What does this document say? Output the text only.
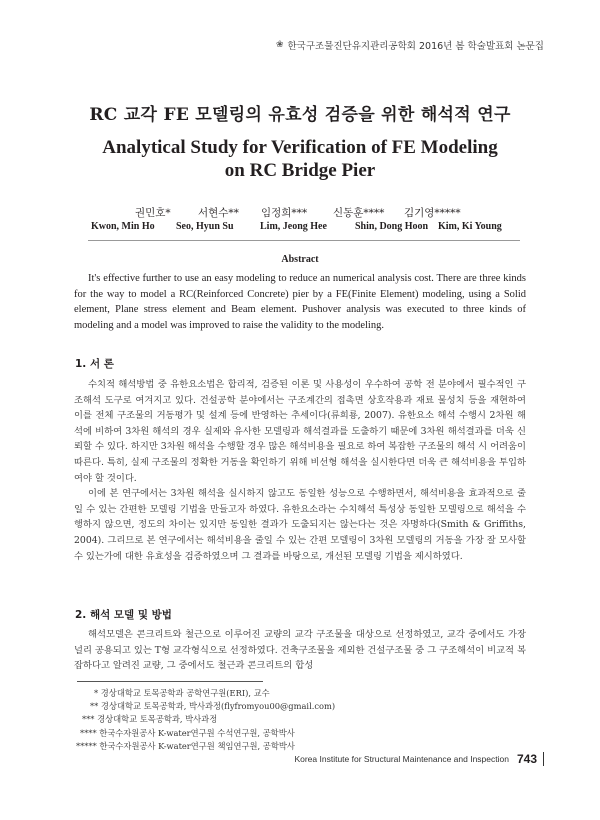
❀ 한국구조물진단유지관리공학회 2016년 봄 학술발표회 논문집
RC 교각 FE 모델링의 유효성 검증을 위한 해석적 연구
Analytical Study for Verification of FE Modeling on RC Bridge Pier
권민호*	서현수** 임정희*** 신동훈**** 김기영*****
Kwon, Min Ho Seo, Hyun Su	Lim, Jeong Hee	Shin, Dong Hoon Kim, Ki Young
Abstract

It's effective further to use an easy modeling to reduce an numerical analysis cost. There are three kinds for the way to model a RC(Reinforced Concrete) pier by a FE(Finite Element) modeling, using a Solid element, Plane stress element and Beam element. Pushover analysis was executed to three kinds of modeling and a model was improved to raise the validity to the modeling.

1. 서 론

수치적 해석방법 중 유한요소법은 합리적, 검증된 이론 및 사용성이 우수하여 공학 전 분야에서 필수적인 구조해석 도구로 여겨지고 있다. 건설공학 분야에서는 구조계간의 접촉면 상호작용과 재료 물성치 등을 재현하여 이를 전체 구조물의 거동평가 및 설계 등에 반영하는 추세이다(류희룡, 2007). 유한요소 해석 수행시 2차원 해석에 비하여 3차원 해석의 경우 실제와 유사한 모델링과 해석결과를 도출하기 때문에 3차원 해석결과를 더욱 신뢰할 수 있다. 하지만 3차원 해석을 수행할 경우 많은 해석비용을 필요로 하여 복잡한 구조물의 해석 시 어려움이 따른다. 특히, 실제 구조물의 정확한 거동을 확인하기 위해 비선형 해석을 실시한다면 더욱 큰 해석비용을 투입하여야 할 것이다.

이에 본 연구에서는 3차원 해석을 실시하지 않고도 동일한 성능으로 수행하면서, 해석비용을 효과적으로 줄일 수 있는 간편한 모델링 기법을 만들고자 하였다. 유한요소라는 수치해석 특성상 동일한 모델링으로 해석을 수행하지 않으면, 정도의 차이는 있지만 동일한 결과가 도출되지는 않는다는 것은 자명하다(Smith & Griffiths, 2004). 그리므로 본 연구에서는 해석비용을 줄일 수 있는 간편 모델링이 3차원 모델링의 거동을 가장 잘 모사할 수 있는가에 대한 유효성을 검증하였으며 그 결과를 바탕으로, 개선된 모델링 기법을 제시하였다.

2. 해석 모델 및 방법

해석모델은 콘크리트와 철근으로 이루어진 교량의 교각 구조물을 대상으로 선정하였고, 교각 중에서도 가장 널리 공용되고 있는 T형 교각형식으로 선정하였다. 건축구조물을 제외한 건설구조물 중 그 구조해석이 비교적 복잡하다고 알려진 교량, 그 중에서도 철근과 콘크리트의 합성

* 경상대학교 토목공학과 공학연구원(ERI), 교수
** 경상대학교 토목공학과, 박사과정(flyfromyou00@gmail.com)
*** 경상대학교 토목공학과, 박사과정
**** 한국수자원공사 K-water연구원 수석연구원, 공학박사
***** 한국수자원공사 K-water연구원 책임연구원, 공학박사
Korea Institute for Structural Maintenance and Inspection 743
